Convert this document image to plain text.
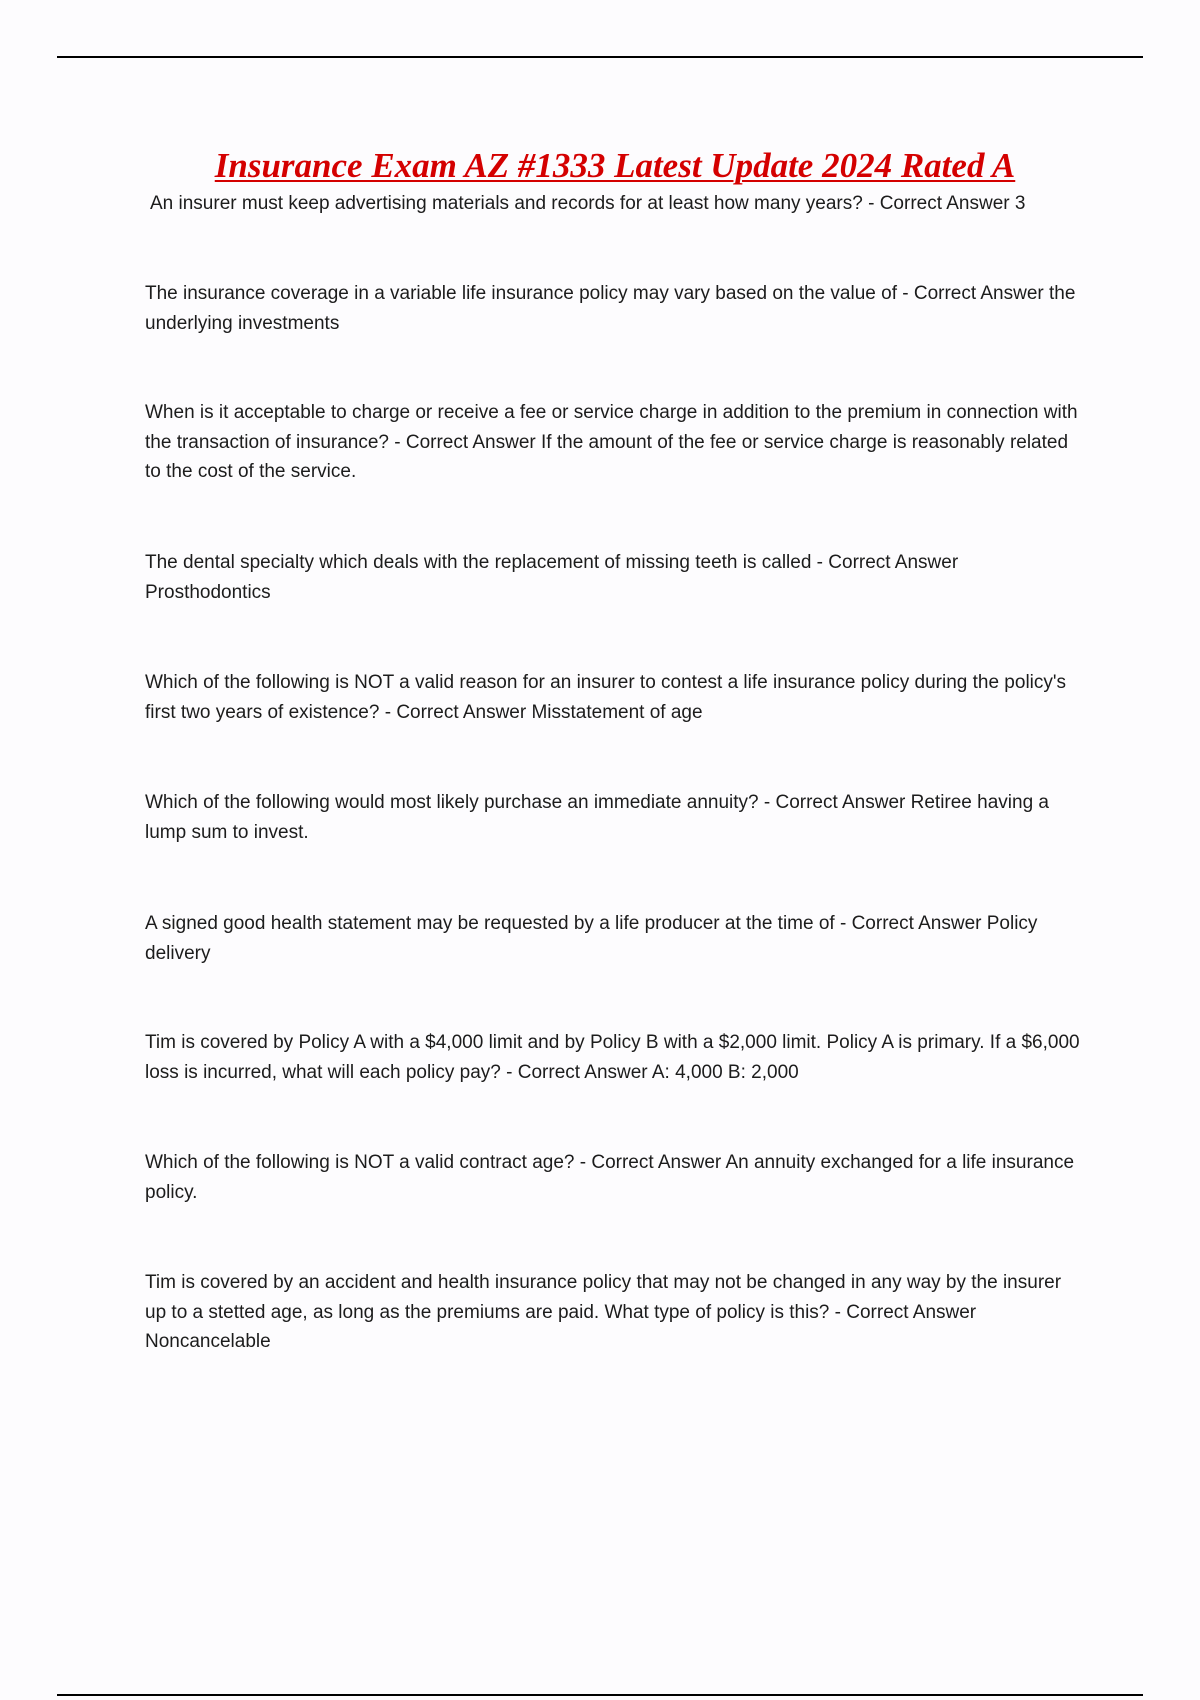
Insurance Exam AZ #1333 Latest Update 2024 Rated A

An insurer must keep advertising materials and records for at least how many years? - Correct Answer 3

The insurance coverage in a variable life insurance policy may vary based on the value of - Correct Answer the underlying investments

When is it acceptable to charge or receive a fee or service charge in addition to the premium in connection with the transaction of insurance? - Correct Answer If the amount of the fee or service charge is reasonably related to the cost of the service.

The dental specialty which deals with the replacement of missing teeth is called - Correct Answer Prosthodontics

Which of the following is NOT a valid reason for an insurer to contest a life insurance policy during the policy's first two years of existence? - Correct Answer Misstatement of age

Which of the following would most likely purchase an immediate annuity? - Correct Answer Retiree having a lump sum to invest.

A signed good health statement may be requested by a life producer at the time of - Correct Answer Policy delivery

Tim is covered by Policy A with a $4,000 limit and by Policy B with a $2,000 limit. Policy A is primary. If a $6,000 loss is incurred, what will each policy pay? - Correct Answer A: 4,000 B: 2,000

Which of the following is NOT a valid contract age? - Correct Answer An annuity exchanged for a life insurance policy.

Tim is covered by an accident and health insurance policy that may not be changed in any way by the insurer up to a stetted age, as long as the premiums are paid. What type of policy is this? - Correct Answer Noncancelable
